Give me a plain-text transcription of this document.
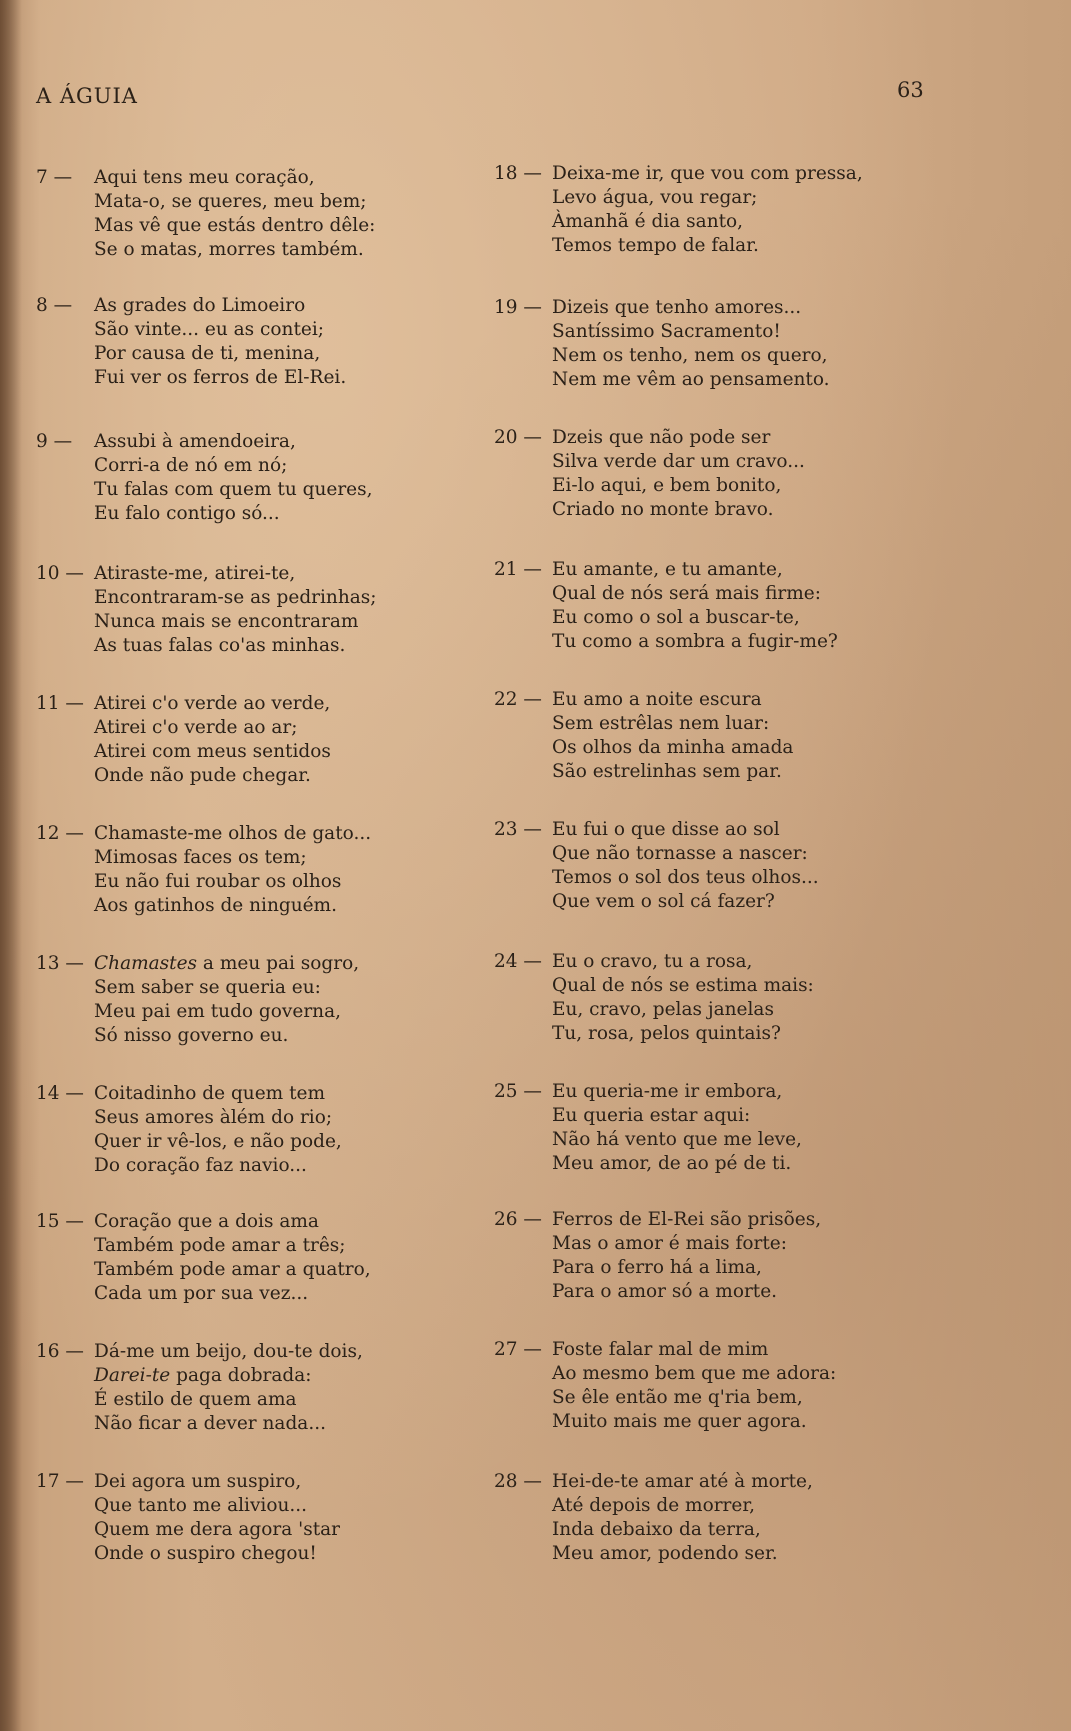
A ÁGUIA	63
7 —	Aqui tens meu coração,
Mata-o, se queres, meu bem;
Mas vê que estás dentro dêle:
Se o matas, morres também.
8 —	As grades do Limoeiro
São vinte... eu as contei;
Por causa de ti, menina,
Fui ver os ferros de El-Rei.
9 —	Assubi à amendoeira,
Corri-a de nó em nó;
Tu falas com quem tu queres,
Eu falo contigo só...
10 — Atiraste-me, atirei-te,
Encontraram-se as pedrinhas;
Nunca mais se encontraram
As tuas falas co'as minhas.
11 — Atirei c'o verde ao verde,
Atirei c'o verde ao ar;
Atirei com meus sentidos
Onde não pude chegar.
12 — Chamaste-me olhos de gato...
Mimosas faces os tem;
Eu não fui roubar os olhos
Aos gatinhos de ninguém.
13 — Chamastes a meu pai sogro,
Sem saber se queria eu:
Meu pai em tudo governa,
Só nisso governo eu.
14 — Coitadinho de quem tem
Seus amores àlém do rio;
Quer ir vê-los, e não pode,
Do coração faz navio...
15 — Coração que a dois ama
Também pode amar a três;
Também pode amar a quatro,
Cada um por sua vez...
16 — Dá-me um beijo, dou-te dois,
Darei-te paga dobrada:
É estilo de quem ama
Não ficar a dever nada...
17 — Dei agora um suspiro,
Que tanto me aliviou...
Quem me dera agora 'star
Onde o suspiro chegou!
18 — Deixa-me ir, que vou com pressa,
Levo água, vou regar;
Àmanhã é dia santo,
Temos tempo de falar.
19 — Dizeis que tenho amores...
Santíssimo Sacramento!
Nem os tenho, nem os quero,
Nem me vêm ao pensamento.
20 — Dzeis que não pode ser
Silva verde dar um cravo...
Ei-lo aqui, e bem bonito,
Criado no monte bravo.
21 — Eu amante, e tu amante,
Qual de nós será mais firme:
Eu como o sol a buscar-te,
Tu como a sombra a fugir-me?
22 — Eu amo a noite escura
Sem estrêlas nem luar:
Os olhos da minha amada
São estrelinhas sem par.
23 — Eu fui o que disse ao sol
Que não tornasse a nascer:
Temos o sol dos teus olhos...
Que vem o sol cá fazer?
24 — Eu o cravo, tu a rosa,
Qual de nós se estima mais:
Eu, cravo, pelas janelas
Tu, rosa, pelos quintais?
25 — Eu queria-me ir embora,
Eu queria estar aqui:
Não há vento que me leve,
Meu amor, de ao pé de ti.
26 — Ferros de El-Rei são prisões,
Mas o amor é mais forte:
Para o ferro há a lima,
Para o amor só a morte.
27 — Foste falar mal de mim
Ao mesmo bem que me adora:
Se êle então me q'ria bem,
Muito mais me quer agora.
28 — Hei-de-te amar até à morte,
Até depois de morrer,
Inda debaixo da terra,
Meu amor, podendo ser.
